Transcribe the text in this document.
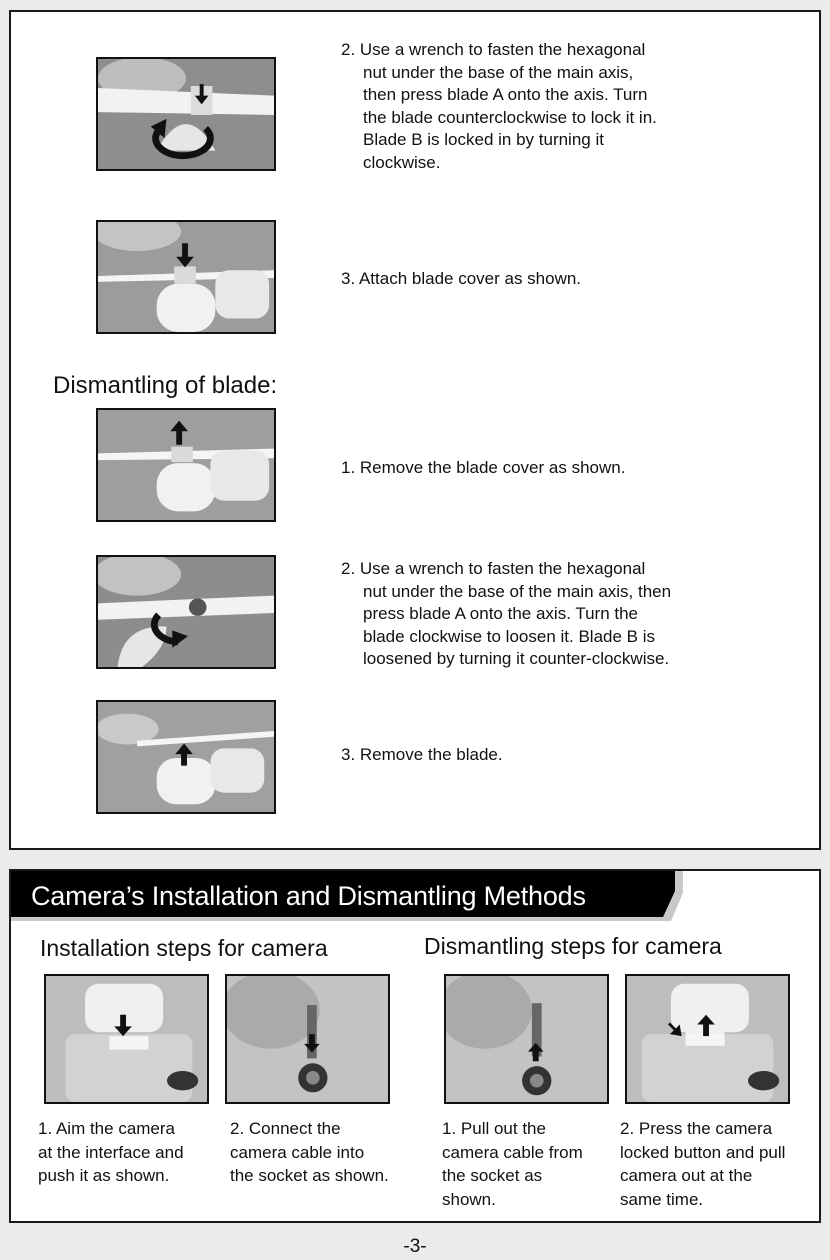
2. Use a wrench to fasten the hexagonal
nut under the base of the main axis,
then press blade A onto the axis. Turn
the blade counterclockwise to lock it in.
Blade B is locked in by turning it
clockwise.
3. Attach blade cover as shown.
Dismantling of blade:
1. Remove the blade cover as shown.
2. Use a wrench to fasten the hexagonal
nut under the base of the main axis, then
press blade A onto the axis. Turn the
blade clockwise to loosen it. Blade B is
loosened by turning it counter-clockwise.
3. Remove the blade.
Camera’s Installation and Dismantling Methods
Installation steps for camera	Dismantling steps for camera
1. Aim the camera
at the interface and
push it as shown.
2. Connect the
camera cable into
the socket as shown.
1. Pull out the
camera cable from
the socket as
shown.
2. Press the camera
locked button and pull
camera out at the
same time.
-3-
